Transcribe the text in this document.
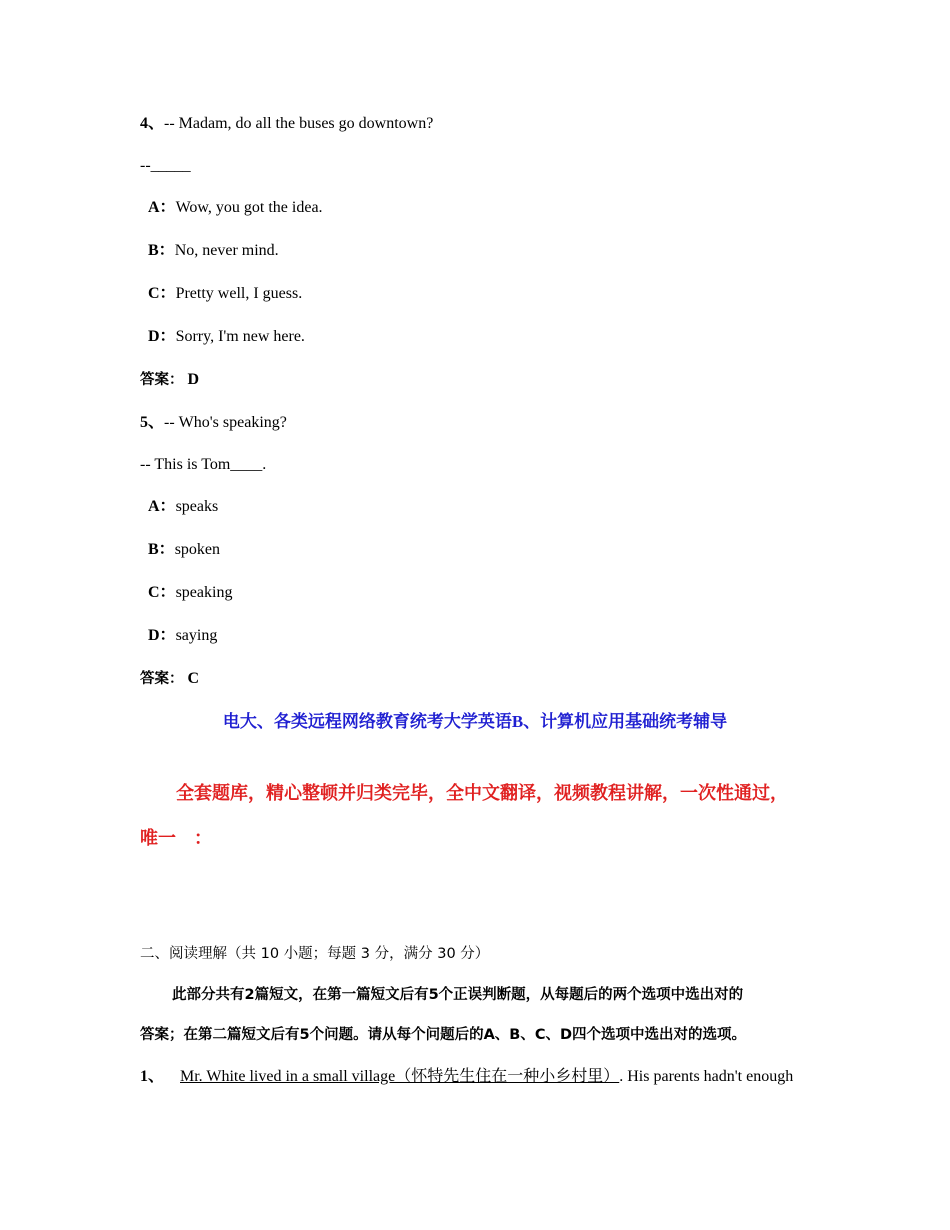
4、-- Madam, do all the buses go downtown?
--_____
A：Wow, you got the idea.
B：No, never mind.
C：Pretty well, I guess.
D：Sorry, I'm new here.
答案： D
5、-- Who's speaking?
-- This is Tom____.
A：speaks
B：spoken
C：speaking
D：saying
答案： C
电大、各类远程网络教育统考大学英语B、计算机应用基础统考辅导
全套题库，精心整顿并归类完毕，全中文翻译，视频教程讲解，一次性通过，
唯一　：
二、阅读理解（共 10 小题；每题 3 分，满分 30 分）
此部分共有2篇短文，在第一篇短文后有5个正误判断题，从每题后的两个选项中选出对的
答案；在第二篇短文后有5个问题。请从每个问题后的A、B、C、D四个选项中选出对的选项。
1、 Mr. White lived in a small village（怀特先生住在一种小乡村里）. His parents hadn't enough
